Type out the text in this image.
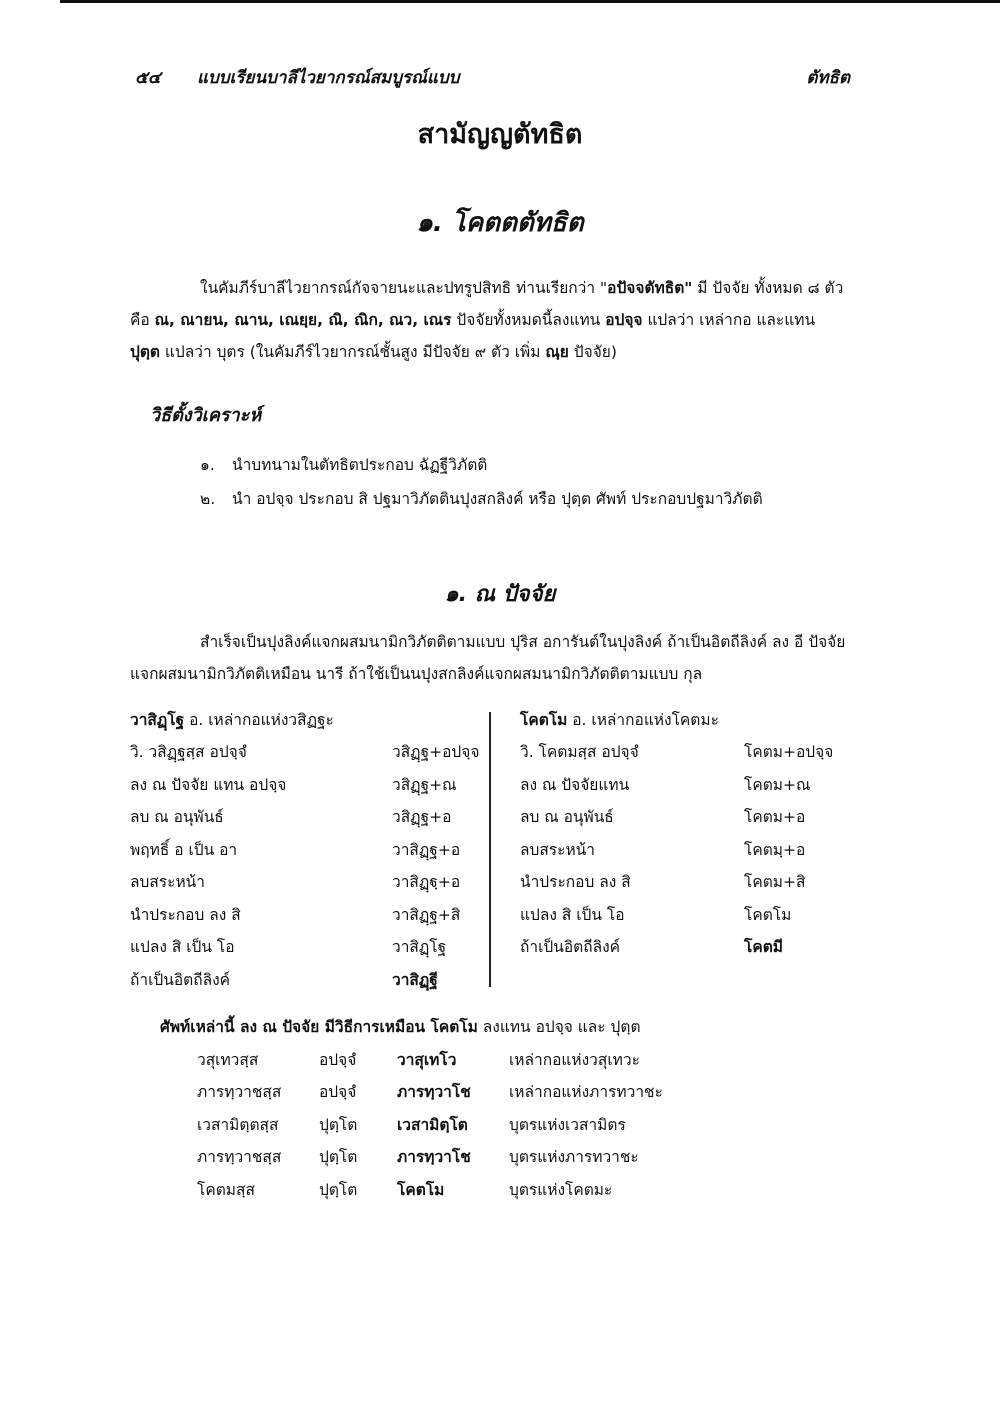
๕๔ แบบเรียนบาลีไวยากรณ์สมบูรณ์แบบ	ตัทธิต
สามัญญตัทธิต
๑. โคตตตัทธิต

ในคัมภีร์บาลีไวยากรณ์กัจจายนะและปทรูปสิทธิ ท่านเรียกว่า "อปัจจตัทธิต" มี ปัจจัย ทั้งหมด ๘ ตัว

คือ ณ, ณายน, ณาน, เณยฺย, ณิ, ณิก, ณว, เณร ปัจจัยทั้งหมดนี้ลงแทน อปจฺจ แปลว่า เหล่ากอ และแทน

ปุตฺต แปลว่า บุตร (ในคัมภีร์ไวยากรณ์ชั้นสูง มีปัจจัย ๙ ตัว เพิ่ม ณฺย ปัจจัย)

วิธีตั้งวิเคราะห์
๑. นำบทนามในตัทธิตประกอบ ฉัฏฐีวิภัตติ
๒. นำ อปจฺจ ประกอบ สิ ปฐมาวิภัตตินปุงสกลิงค์ หรือ ปุตฺต ศัพท์ ประกอบปฐมาวิภัตติ
๑. ณ ปัจจัย

สำเร็จเป็นปุงลิงค์แจกผสมนามิกวิภัตติตามแบบ ปุริส อการันต์ในปุงลิงค์ ถ้าเป็นอิตถีลิงค์ ลง อี ปัจจัย

แจกผสมนามิกวิภัตติเหมือน นารี ถ้าใช้เป็นนปุงสกลิงค์แจกผสมนามิกวิภัตติตามแบบ กุล

วาสิฏฺโฐ อ. เหล่ากอแห่งวสิฏฐะ
วิ. วสิฏฺฐสฺส อปจฺจํ	วสิฏฺฐ+อปจฺจ
ลง ณ ปัจจัย แทน อปจฺจ	วสิฏฺฐ+ณ
ลบ ณ อนุพันธ์	วสิฏฺฐ+อ
พฤทธิ์ อ เป็น อา	วาสิฏฺฐ+อ
ลบสระหน้า	วาสิฏฺฐฺ+อ
นำประกอบ ลง สิ	วาสิฏฺฐ+สิ
แปลง สิ เป็น โอ	วาสิฏฺโฐ
ถ้าเป็นอิตถีลิงค์	วาสิฏฺฐี
โคตโม อ. เหล่ากอแห่งโคตมะ
วิ. โคตมสฺส อปจฺจํ	โคตม+อปจฺจ
ลง ณ ปัจจัยแทน	โคตม+ณ
ลบ ณ อนุพันธ์	โคตม+อ
ลบสระหน้า	โคตมฺ+อ
นำประกอบ ลง สิ	โคตม+สิ
แปลง สิ เป็น โอ	โคตโม
ถ้าเป็นอิตถีลิงค์	โคตมี
ศัพท์เหล่านี้ ลง ณ ปัจจัย มีวิธีการเหมือน โคตโม ลงแทน อปจฺจ และ ปุตฺต
วสุเทวสฺส	อปจฺจํ	วาสุเทโว	เหล่ากอแห่งวสุเทวะ
ภารทฺวาชสฺส	อปจฺจํ	ภารทฺวาโช	เหล่ากอแห่งภารทวาชะ
เวสามิตฺตสฺส	ปุตฺโต	เวสามิตฺโต	บุตรแห่งเวสามิตร
ภารทฺวาชสฺส	ปุตฺโต	ภารทฺวาโช	บุตรแห่งภารทวาชะ
โคตมสฺส	ปุตฺโต	โคตโม	บุตรแห่งโคตมะ
